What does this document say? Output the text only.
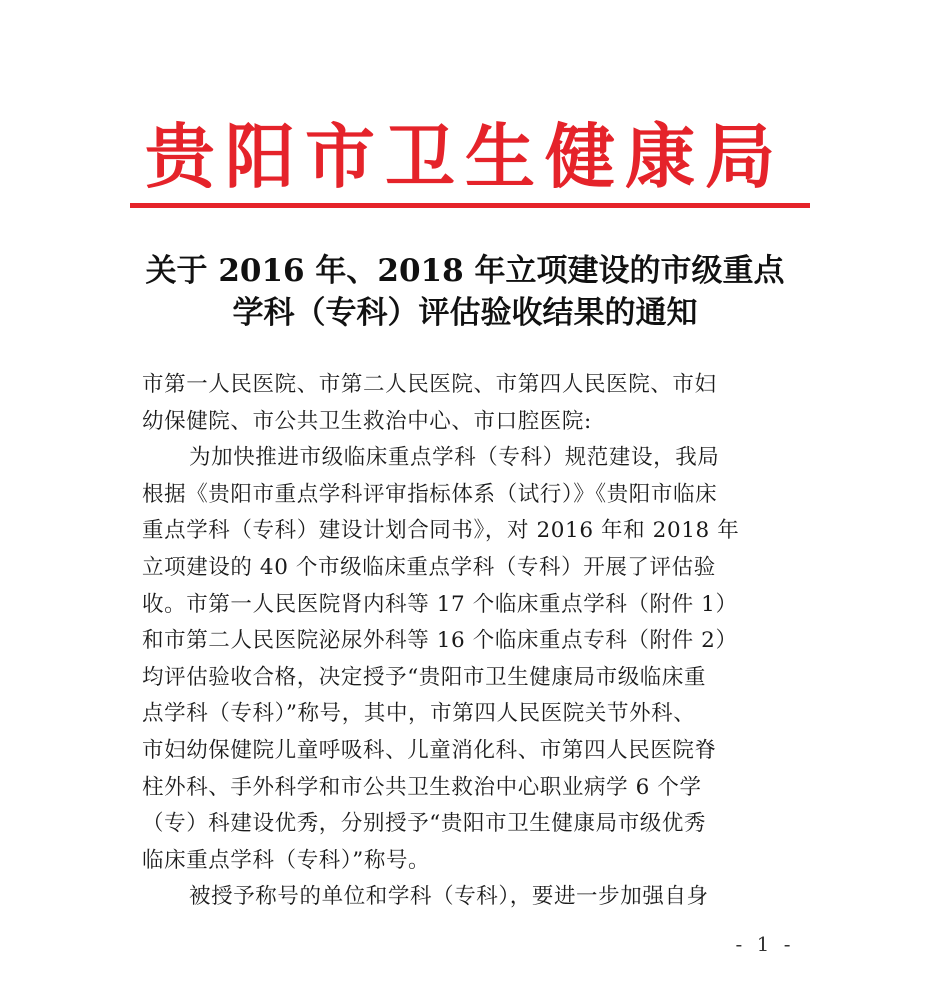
贵阳市卫生健康局
关于 2016 年、2018 年立项建设的市级重点
学科（专科）评估验收结果的通知
市第一人民医院、市第二人民医院、市第四人民医院、市妇
幼保健院、市公共卫生救治中心、市口腔医院:
为加快推进市级临床重点学科（专科）规范建设，我局
根据《贵阳市重点学科评审指标体系（试行）》《贵阳市临床
重点学科（专科）建设计划合同书》，对 2016 年和 2018 年
立项建设的 40 个市级临床重点学科（专科）开展了评估验
收。市第一人民医院肾内科等 17 个临床重点学科（附件 1）
和市第二人民医院泌尿外科等 16 个临床重点专科（附件 2）
均评估验收合格，决定授予“贵阳市卫生健康局市级临床重
点学科（专科）”称号，其中，市第四人民医院关节外科、
市妇幼保健院儿童呼吸科、儿童消化科、市第四人民医院脊
柱外科、手外科学和市公共卫生救治中心职业病学 6 个学
（专）科建设优秀，分别授予“贵阳市卫生健康局市级优秀
临床重点学科（专科）”称号。
被授予称号的单位和学科（专科），要进一步加强自身
- 1 -
